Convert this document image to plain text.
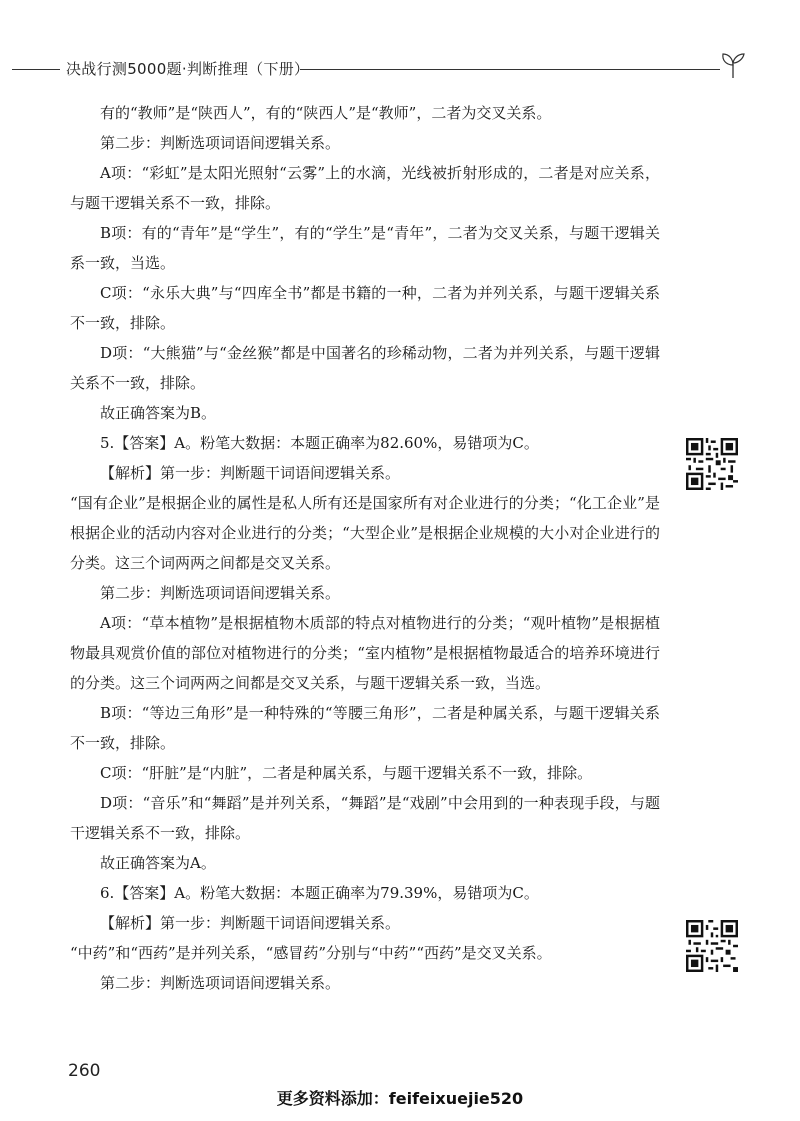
决战行测5000题·判断推理（下册）

有的“教师”是“陕西人”，有的“陕西人”是“教师”，二者为交叉关系。

第二步：判断选项词语间逻辑关系。

A项：“彩虹”是太阳光照射“云雾”上的水滴，光线被折射形成的，二者是对应关系，与题干逻辑关系不一致，排除。

B项：有的“青年”是“学生”，有的“学生”是“青年”，二者为交叉关系，与题干逻辑关系一致，当选。

C项：“永乐大典”与“四库全书”都是书籍的一种，二者为并列关系，与题干逻辑关系不一致，排除。

D项：“大熊猫”与“金丝猴”都是中国著名的珍稀动物，二者为并列关系，与题干逻辑关系不一致，排除。

故正确答案为B。

5.【答案】A。粉笔大数据：本题正确率为82.60%，易错项为C。

【解析】第一步：判断题干词语间逻辑关系。

“国有企业”是根据企业的属性是私人所有还是国家所有对企业进行的分类；“化工企业”是根据企业的活动内容对企业进行的分类；“大型企业”是根据企业规模的大小对企业进行的分类。这三个词两两之间都是交叉关系。

第二步：判断选项词语间逻辑关系。

A项：“草本植物”是根据植物木质部的特点对植物进行的分类；“观叶植物”是根据植物最具观赏价值的部位对植物进行的分类；“室内植物”是根据植物最适合的培养环境进行的分类。这三个词两两之间都是交叉关系，与题干逻辑关系一致，当选。

B项：“等边三角形”是一种特殊的“等腰三角形”，二者是种属关系，与题干逻辑关系不一致，排除。

C项：“肝脏”是“内脏”，二者是种属关系，与题干逻辑关系不一致，排除。

D项：“音乐”和“舞蹈”是并列关系，“舞蹈”是“戏剧”中会用到的一种表现手段，与题干逻辑关系不一致，排除。

故正确答案为A。

6.【答案】A。粉笔大数据：本题正确率为79.39%，易错项为C。

【解析】第一步：判断题干词语间逻辑关系。

“中药”和“西药”是并列关系，“感冒药”分别与“中药”“西药”是交叉关系。

第二步：判断选项词语间逻辑关系。

260
更多资料添加：feifeixuejie520
